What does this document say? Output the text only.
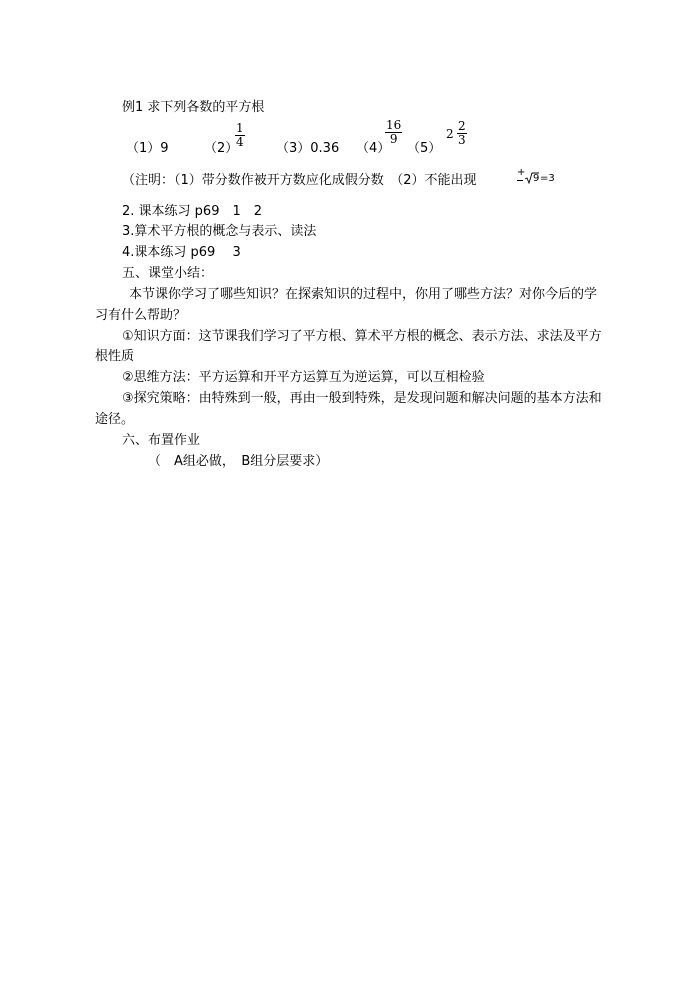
例1 求下列各数的平方根
（1）9	（2）
$\frac{1}{4} (3)0.36$ （4）
$\frac{16}{9}$
（5）
$2 \frac{2}{3}$
（注明：（1）带分数作被开方数应化成假分数　（2）不能出现
+
9 =3
2. 课本练习 p69　1　2
3.算术平方根的概念与表示、读法
4.课本练习 p69　 3
五、课堂小结：
本节课你学习了哪些知识？在探索知识的过程中，你用了哪些方法？对你今后的学
习有什么帮助？
①知识方面：这节课我们学习了平方根、算术平方根的概念、表示方法、求法及平方
根性质
②思维方法：平方运算和开平方运算互为逆运算，可以互相检验
③探究策略：由特殊到一般，再由一般到特殊，是发现问题和解决问题的基本方法和
途径。
六、布置作业
（　A组必做，　B组分层要求）
